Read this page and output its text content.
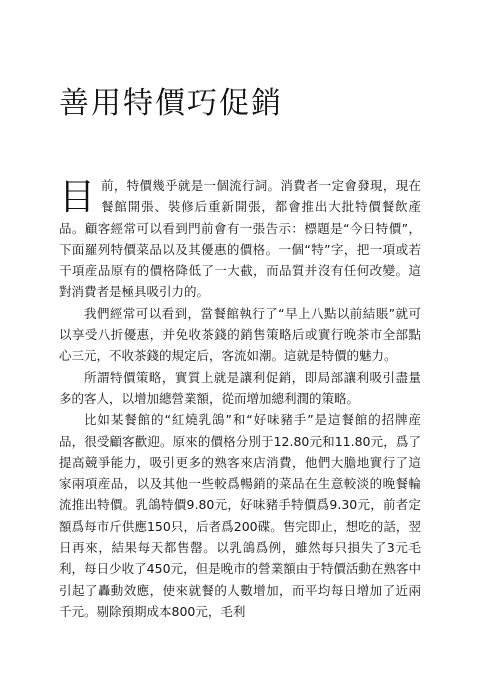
善用特價巧促銷

目前，特價幾乎就是一個流行詞。消費者一定會發現，現在餐館開張、裝修后重新開張，都會推出大批特價餐飲產品。顧客經常可以看到門前會有一張告示：標題是“今日特價”，下面羅列特價菜品以及其優惠的價格。一個“特”字，把一項或若干項産品原有的價格降低了一大截，而品質并沒有任何改變。這對消費者是極具吸引力的。

我們經常可以看到，當餐館執行了“早上八點以前結賬”就可以享受八折優惠，并免收茶錢的銷售策略后或實行晚茶市全部點心三元，不收茶錢的規定后，客流如潮。這就是特價的魅力。

所謂特價策略，實質上就是讓利促銷，即局部讓利吸引盡量多的客人，以增加總營業額，從而增加總利潤的策略。

比如某餐館的“紅燒乳鴿”和“好味豬手”是這餐館的招牌産品，很受顧客歡迎。原來的價格分別于12.80元和11.80元，爲了提高競爭能力，吸引更多的熟客來店消費，他們大膽地實行了這家兩項産品，以及其他一些較爲暢銷的菜品在生意較淡的晚餐輪流推出特價。乳鴿特價9.80元，好味豬手特價爲9.30元，前者定額爲每市斤供應150只，后者爲200碟。售完即止，想吃的話，翌日再來，結果每天都售罄。以乳鴿爲例，雖然每只損失了3元毛利，每日少收了450元，但是晚市的營業額由于特價活動在熟客中引起了轟動效應，使來就餐的人數增加，而平均每日增加了近兩千元。剔除預期成本800元，毛利
